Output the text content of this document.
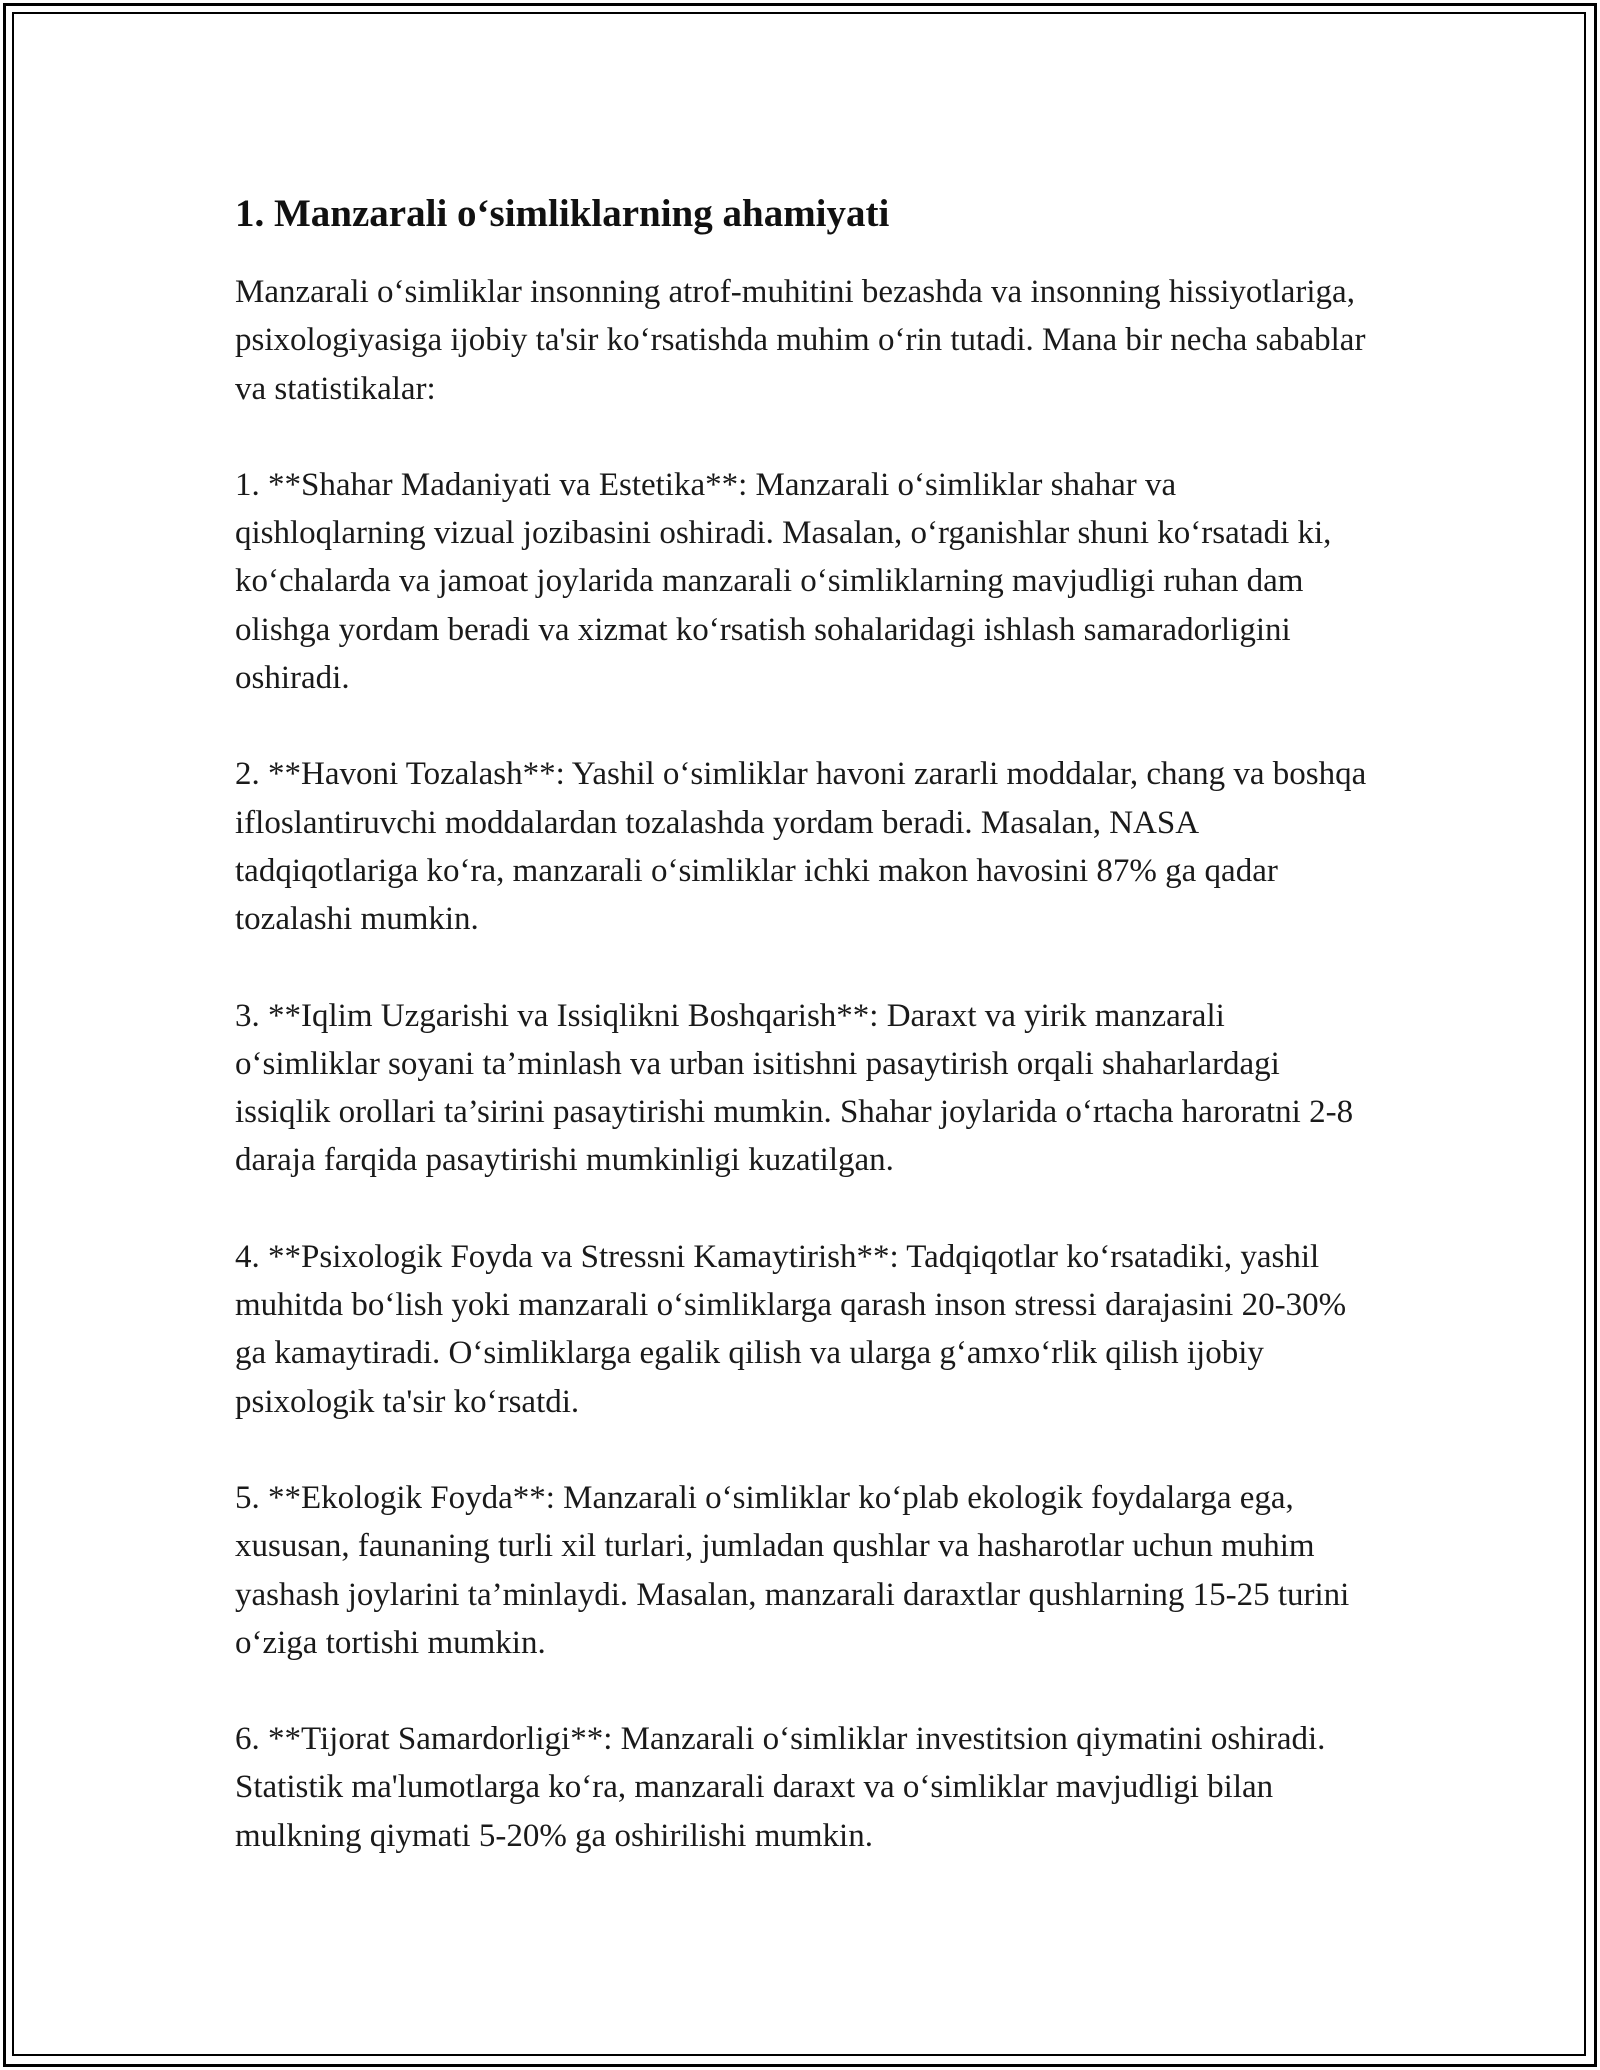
1. Manzarali o‘simliklarning ahamiyati

Manzarali o‘simliklar insonning atrof-muhitini bezashda va insonning hissiyotlariga, psixologiyasiga ijobiy ta'sir ko‘rsatishda muhim o‘rin tutadi. Mana bir necha sabablar va statistikalar:

1. **Shahar Madaniyati va Estetika**: Manzarali o‘simliklar shahar va qishloqlarning vizual jozibasini oshiradi. Masalan, o‘rganishlar shuni ko‘rsatadi ki, ko‘chalarda va jamoat joylarida manzarali o‘simliklarning mavjudligi ruhan dam olishga yordam beradi va xizmat ko‘rsatish sohalaridagi ishlash samaradorligini oshiradi.

2. **Havoni Tozalash**: Yashil o‘simliklar havoni zararli moddalar, chang va boshqa ifloslantiruvchi moddalardan tozalashda yordam beradi. Masalan, NASA tadqiqotlariga ko‘ra, manzarali o‘simliklar ichki makon havosini 87% ga qadar tozalashi mumkin.

3. **Iqlim Uzgarishi va Issiqlikni Boshqarish**: Daraxt va yirik manzarali o‘simliklar soyani ta’minlash va urban isitishni pasaytirish orqali shaharlardagi issiqlik orollari ta’sirini pasaytirishi mumkin. Shahar joylarida o‘rtacha haroratni 2-8 daraja farqida pasaytirishi mumkinligi kuzatilgan.

4. **Psixologik Foyda va Stressni Kamaytirish**: Tadqiqotlar ko‘rsatadiki, yashil muhitda bo‘lish yoki manzarali o‘simliklarga qarash inson stressi darajasini 20-30% ga kamaytiradi. O‘simliklarga egalik qilish va ularga g‘amxo‘rlik qilish ijobiy psixologik ta'sir ko‘rsatdi.

5. **Ekologik Foyda**: Manzarali o‘simliklar ko‘plab ekologik foydalarga ega, xususan, faunaning turli xil turlari, jumladan qushlar va hasharotlar uchun muhim yashash joylarini ta’minlaydi. Masalan, manzarali daraxtlar qushlarning 15-25 turini o‘ziga tortishi mumkin.

6. **Tijorat Samardorligi**: Manzarali o‘simliklar investitsion qiymatini oshiradi. Statistik ma'lumotlarga ko‘ra, manzarali daraxt va o‘simliklar mavjudligi bilan mulkning qiymati 5-20% ga oshirilishi mumkin.
